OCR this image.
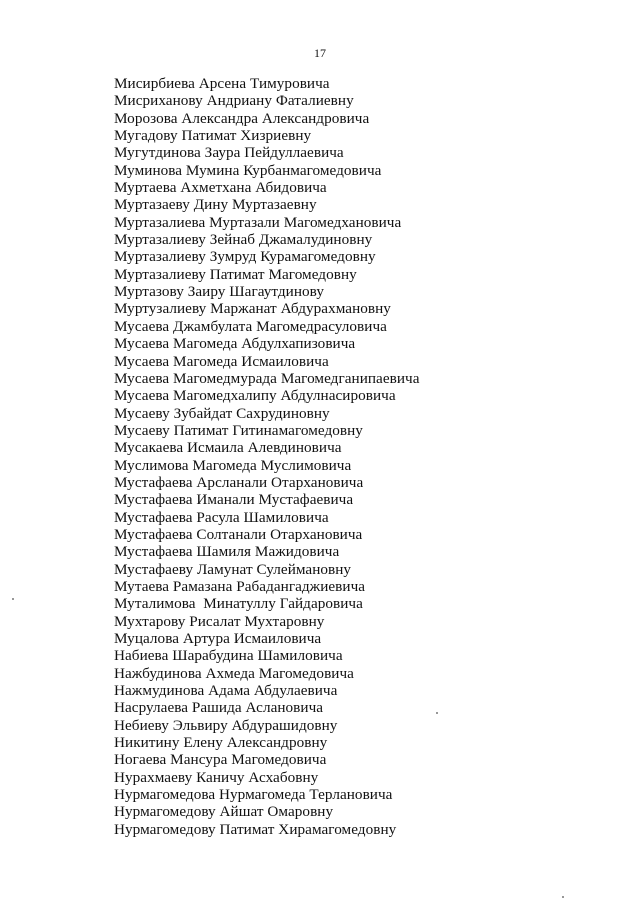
17
Мисирбиева Арсена Тимуровича
Мисриханову Андриану Фаталиевну
Морозова Александра Александровича
Мугадову Патимат Хизриевну
Мугутдинова Заура Пейдуллаевича
Муминова Мумина Курбанмагомедовича
Муртаева Ахметхана Абидовича
Муртазаеву Дину Муртазаевну
Муртазалиева Муртазали Магомедхановича
Муртазалиеву Зейнаб Джамалудиновну
Муртазалиеву Зумруд Курамагомедовну
Муртазалиеву Патимат Магомедовну
Муртазову Заиру Шагаутдинову
Муртузалиеву Маржанат Абдурахмановну
Мусаева Джамбулата Магомедрасуловича
Мусаева Магомеда Абдулхапизовича
Мусаева Магомеда Исмаиловича
Мусаева Магомедмурада Магомедганипаевича
Мусаева Магомедхалипу Абдулнасировича
Мусаеву Зубайдат Сахрудиновну
Мусаеву Патимат Гитинамагомедовну
Мусакаева Исмаила Алевдиновича
Муслимова Магомеда Муслимовича
Мустафаева Арсланали Отархановича
Мустафаева Иманали Мустафаевича
Мустафаева Расула Шамиловича
Мустафаева Солтанали Отархановича
Мустафаева Шамиля Мажидовича
Мустафаеву Ламунат Сулеймановну
Мутаева Рамазана Рабадангаджиевича
Муталимова  Минатуллу Гайдаровича
Мухтарову Рисалат Мухтаровну
Муцалова Артура Исмаиловича
Набиева Шарабудина Шамиловича
Нажбудинова Ахмеда Магомедовича
Нажмудинова Адама Абдулаевича
Насрулаева Рашида Аслановича
Небиеву Эльвиру Абдурашидовну
Никитину Елену Александровну
Ногаева Мансура Магомедовича
Нурахмаеву Каничу Асхабовну
Нурмагомедова Нурмагомеда Терлановича
Нурмагомедову Айшат Омаровну
Нурмагомедову Патимат Хирамагомедовну
